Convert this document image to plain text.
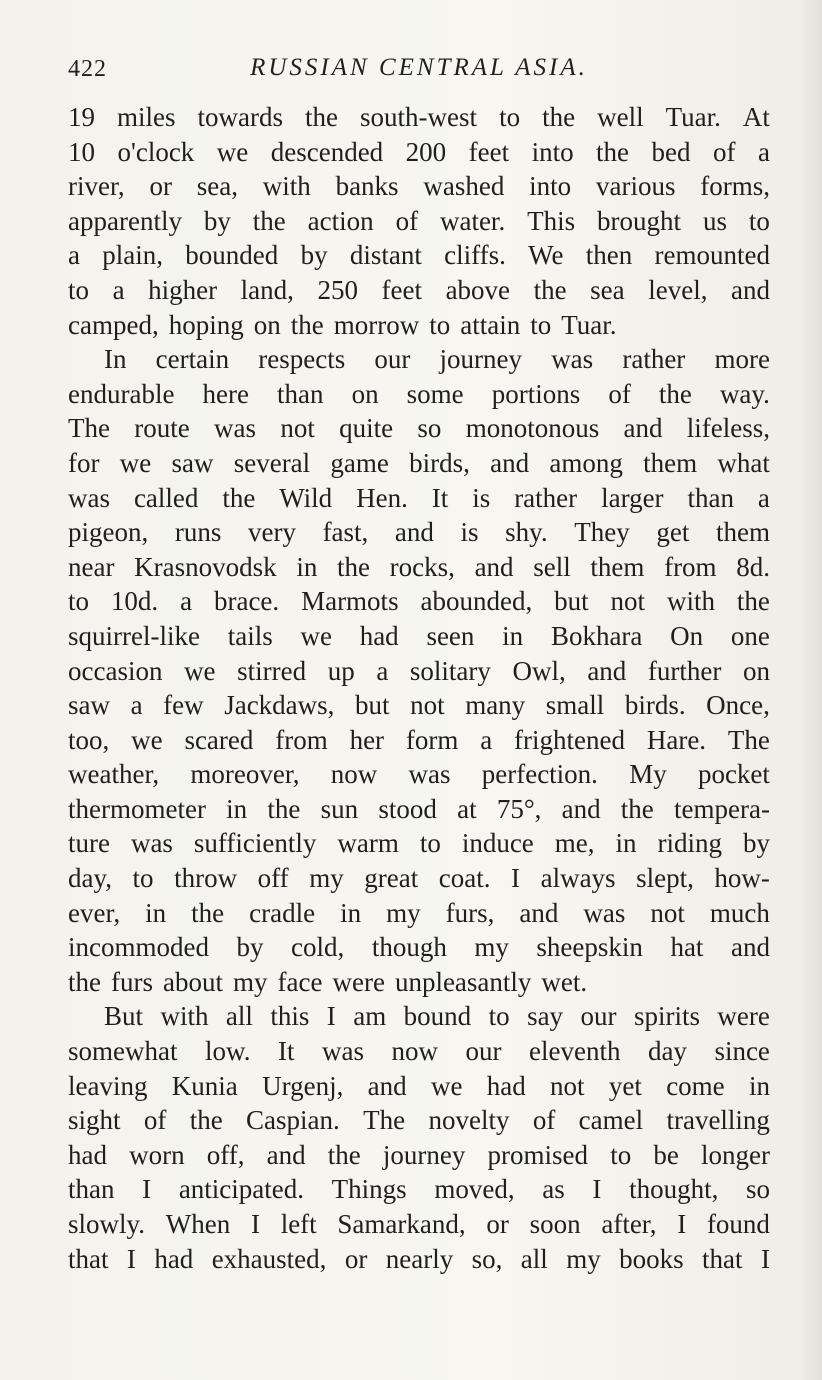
422	RUSSIAN CENTRAL ASIA.
19 miles towards the south-west to the well Tuar. At
10 o'clock we descended 200 feet into the bed of a
river, or sea, with banks washed into various forms,
apparently by the action of water. This brought us to
a plain, bounded by distant cliffs. We then remounted
to a higher land, 250 feet above the sea level, and
camped, hoping on the morrow to attain to Tuar.
In certain respects our journey was rather more
endurable here than on some portions of the way.
The route was not quite so monotonous and lifeless,
for we saw several game birds, and among them what
was called the Wild Hen. It is rather larger than a
pigeon, runs very fast, and is shy. They get them
near Krasnovodsk in the rocks, and sell them from 8d.
to 10d. a brace. Marmots abounded, but not with the
squirrel-like tails we had seen in Bokhara On one
occasion we stirred up a solitary Owl, and further on
saw a few Jackdaws, but not many small birds. Once,
too, we scared from her form a frightened Hare. The
weather, moreover, now was perfection. My pocket
thermometer in the sun stood at 75°, and the tempera-
ture was sufficiently warm to induce me, in riding by
day, to throw off my great coat. I always slept, how-
ever, in the cradle in my furs, and was not much
incommoded by cold, though my sheepskin hat and
the furs about my face were unpleasantly wet.
But with all this I am bound to say our spirits were
somewhat low. It was now our eleventh day since
leaving Kunia Urgenj, and we had not yet come in
sight of the Caspian. The novelty of camel travelling
had worn off, and the journey promised to be longer
than I anticipated. Things moved, as I thought, so
slowly. When I left Samarkand, or soon after, I found
that I had exhausted, or nearly so, all my books that I
